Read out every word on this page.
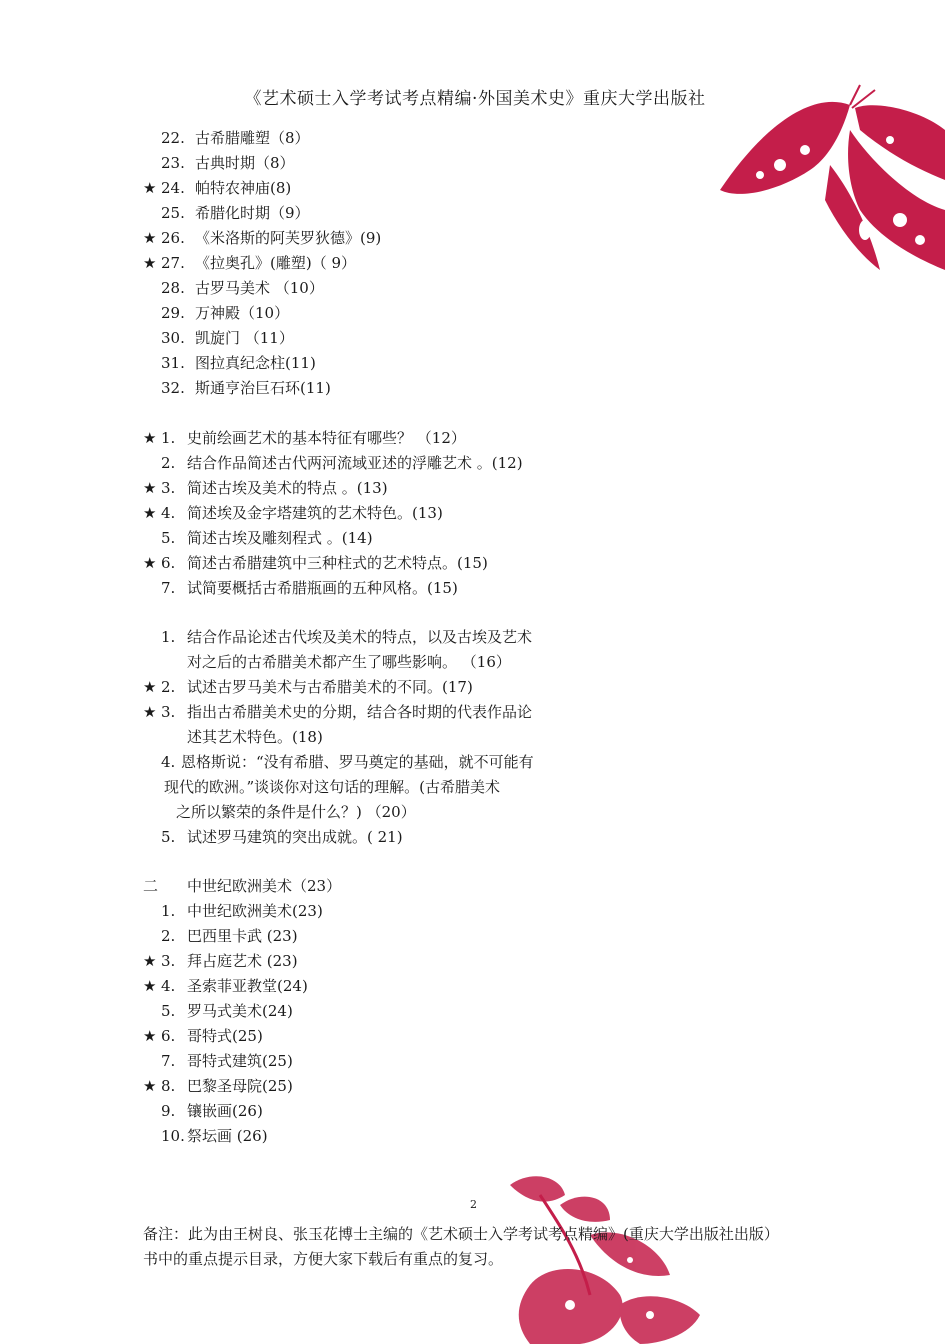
《艺术硕士入学考试考点精编·外国美术史》重庆大学出版社
22. 古希腊雕塑（8）
23. 古典时期（8）
★ 24. 帕特农神庙(8)
25. 希腊化时期（9）
★ 26. 《米洛斯的阿芙罗狄德》(9)
★ 27. 《拉奥孔》(雕塑)（ 9）
28. 古罗马美术 （10）
29. 万神殿（10）
30. 凯旋门 （11）
31. 图拉真纪念柱(11)
32. 斯通亨治巨石环(11)
★ 1. 史前绘画艺术的基本特征有哪些？ （12）
2. 结合作品简述古代两河流域亚述的浮雕艺术 。(12)
★ 3. 简述古埃及美术的特点 。(13)
★ 4. 简述埃及金字塔建筑的艺术特色。(13)
5. 简述古埃及雕刻程式 。(14)
★ 6. 简述古希腊建筑中三种柱式的艺术特点。(15)
7. 试简要概括古希腊瓶画的五种风格。(15)
1. 结合作品论述古代埃及美术的特点，以及古埃及艺术
对之后的古希腊美术都产生了哪些影响。 （16）
★ 2. 试述古罗马美术与古希腊美术的不同。(17)
★ 3. 指出古希腊美术史的分期，结合各时期的代表作品论
述其艺术特色。(18)
4. 恩格斯说：“没有希腊、罗马奠定的基础，就不可能有
现代的欧洲。”谈谈你对这句话的理解。(古希腊美术
之所以繁荣的条件是什么？) （20）
5. 试述罗马建筑的突出成就。( 21)
二 中世纪欧洲美术（23）
1. 中世纪欧洲美术(23)
2. 巴西里卡武 (23)
★ 3. 拜占庭艺术 (23)
★ 4. 圣索菲亚教堂(24)
5. 罗马式美术(24)
★ 6. 哥特式(25)
7. 哥特式建筑(25)
★ 8. 巴黎圣母院(25)
9. 镶嵌画(26)
10. 祭坛画 (26)
2
备注：此为由王树良、张玉花博士主编的《艺术硕士入学考试考点精编》(重庆大学出版社出版）书中的重点提示目录，方便大家下载后有重点的复习。
